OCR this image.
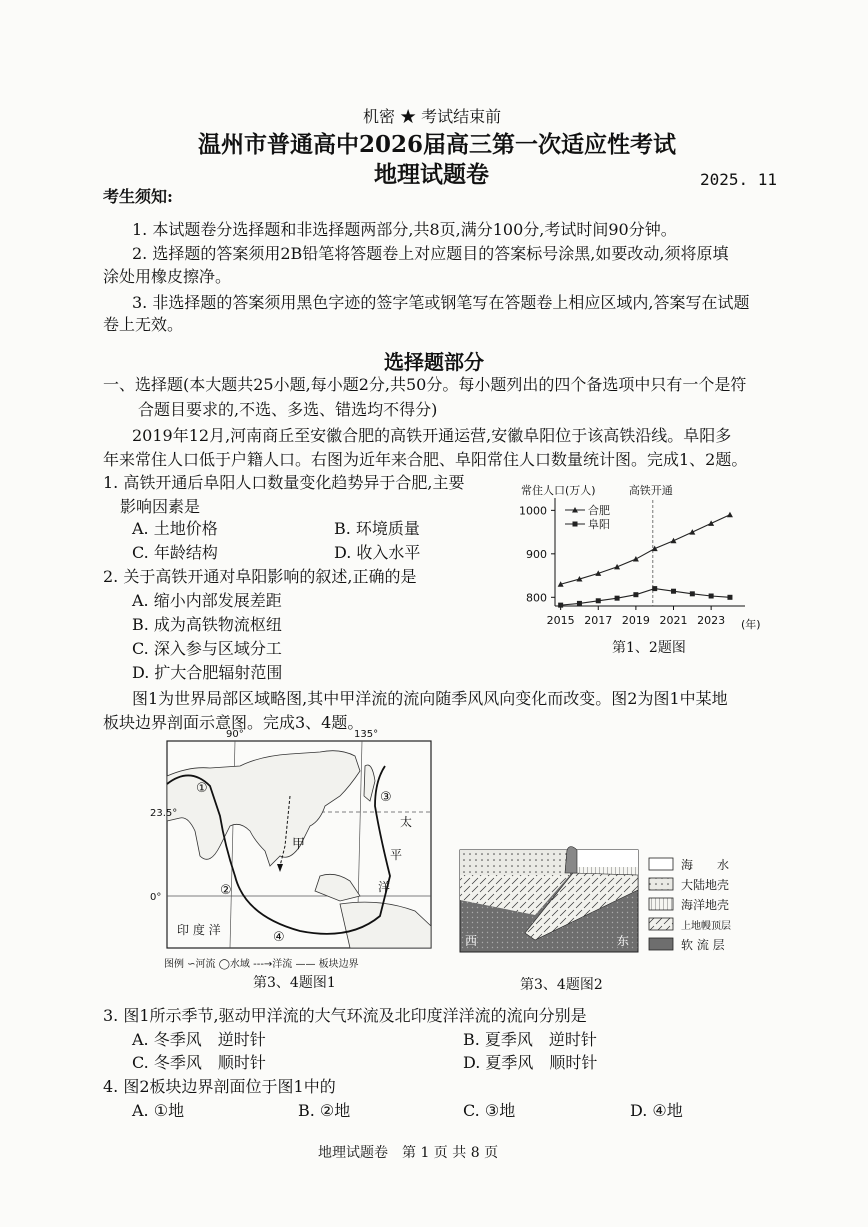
机密 ★ 考试结束前
温州市普通高中2026届高三第一次适应性考试
地理试题卷	2025. 11
考生须知:
1. 本试题卷分选择题和非选择题两部分,共8页,满分100分,考试时间90分钟。
2. 选择题的答案须用2B铅笔将答题卷上对应题目的答案标号涂黑,如要改动,须将原填
涂处用橡皮擦净。
3. 非选择题的答案须用黑色字迹的签字笔或钢笔写在答题卷上相应区域内,答案写在试题
卷上无效。
选择题部分
一、选择题(本大题共25小题,每小题2分,共50分。每小题列出的四个备选项中只有一个是符
合题目要求的,不选、多选、错选均不得分)
2019年12月,河南商丘至安徽合肥的高铁开通运营,安徽阜阳位于该高铁沿线。阜阳多
年来常住人口低于户籍人口。右图为近年来合肥、阜阳常住人口数量统计图。完成1、2题。
1. 高铁开通后阜阳人口数量变化趋势异于合肥,主要
影响因素是
A. 土地价格	B. 环境质量
C. 年龄结构	D. 收入水平
2. 关于高铁开通对阜阳影响的叙述,正确的是
A. 缩小内部发展差距
B. 成为高铁物流枢纽
C. 深入参与区域分工
D. 扩大合肥辐射范围
常住人口(万人)
(年)
800
900
1000
2015 2017 2019 2021 2023
高铁开通
合肥
阜阳
第1、2题图
图1为世界局部区域略图,其中甲洋流的流向随季风风向变化而改变。图2为图1中某地
板块边界剖面示意图。完成3、4题。
23.5°
0°
90°	135°
①
②
③
④
甲
太
平
洋
印 度 洋
图例 ∽河流 ◯水域 ---→洋流 —— 板块边界
第3、4题图1
西	东
海　　水
大陆地壳
海洋地壳
上地幔顶层
软 流 层
第3、4题图2
3. 图1所示季节,驱动甲洋流的大气环流及北印度洋洋流的流向分别是
A. 冬季风　逆时针	B. 夏季风　逆时针
C. 冬季风　顺时针	D. 夏季风　顺时针
4. 图2板块边界剖面位于图1中的
A. ①地	B. ②地	C. ③地	D. ④地
地理试题卷　第 1 页 共 8 页
